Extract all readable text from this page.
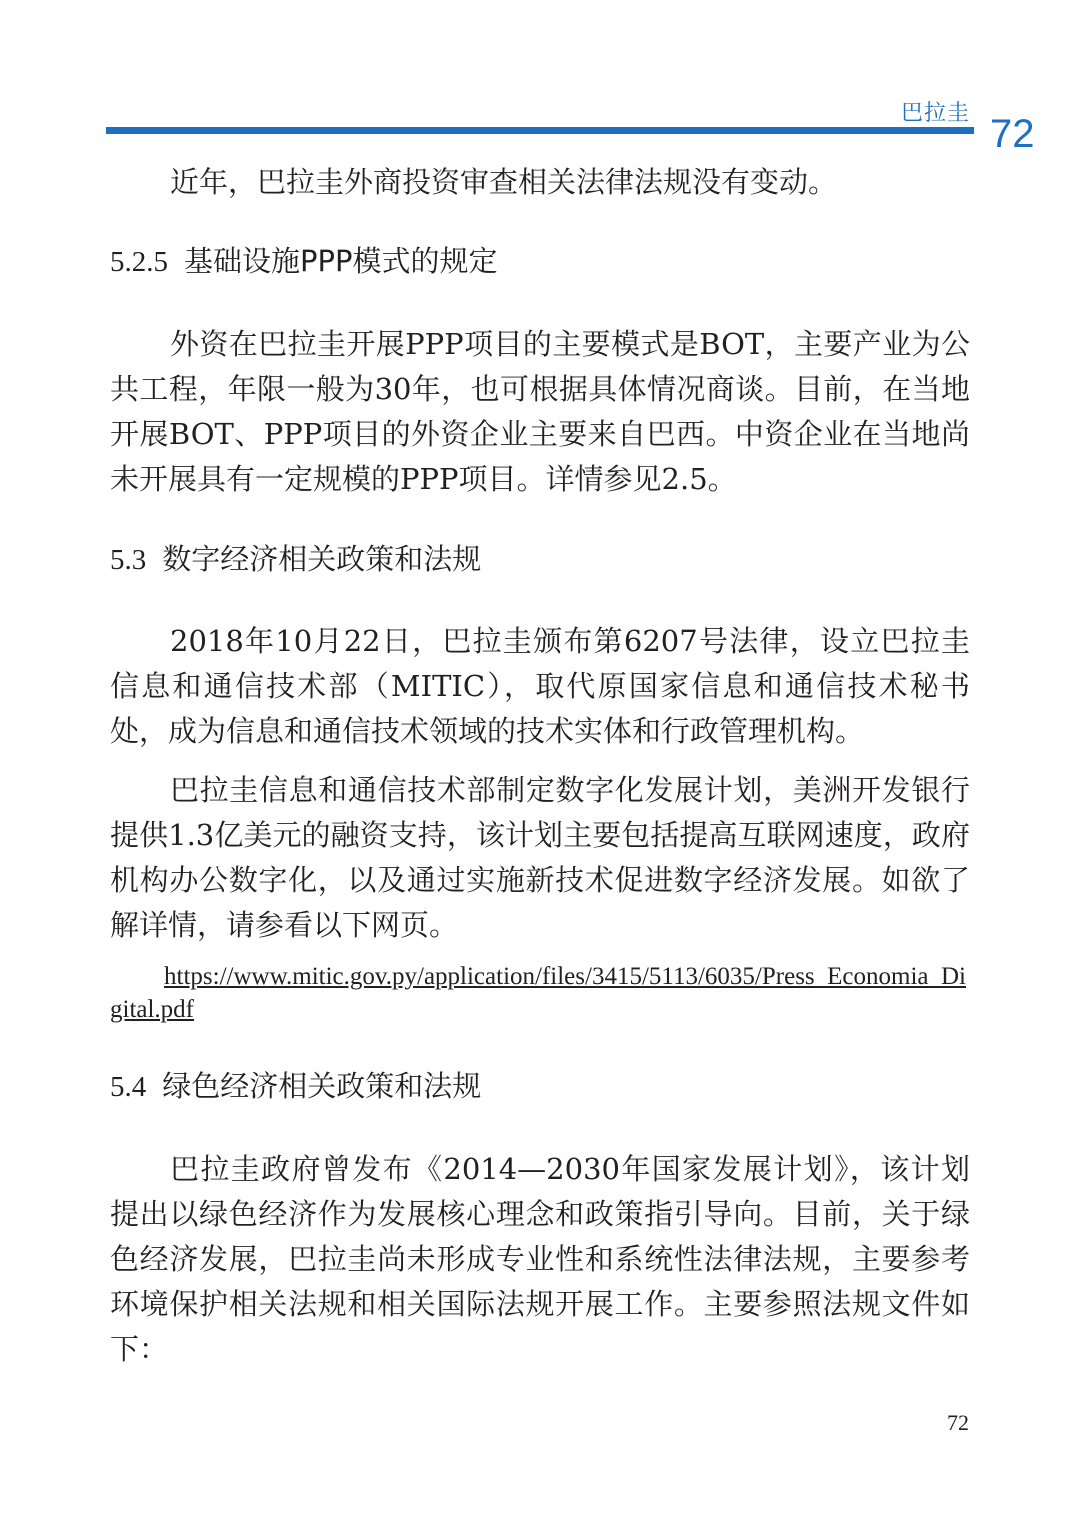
巴拉圭 72

近年，巴拉圭外商投资审查相关法律法规没有变动。

5.2.5 基础设施PPP模式的规定

外资在巴拉圭开展PPP项目的主要模式是BOT，主要产业为公共工程，年限一般为30年，也可根据具体情况商谈。目前，在当地开展BOT、PPP项目的外资企业主要来自巴西。中资企业在当地尚未开展具有一定规模的PPP项目。详情参见2.5。

5.3 数字经济相关政策和法规

2018年10月22日，巴拉圭颁布第6207号法律，设立巴拉圭信息和通信技术部（MITIC），取代原国家信息和通信技术秘书处，成为信息和通信技术领域的技术实体和行政管理机构。

巴拉圭信息和通信技术部制定数字化发展计划，美洲开发银行提供1.3亿美元的融资支持，该计划主要包括提高互联网速度，政府机构办公数字化，以及通过实施新技术促进数字经济发展。如欲了解详情，请参看以下网页。

https://www.mitic.gov.py/application/files/3415/5113/6035/Press_Economia_Digital.pdf
5.4 绿色经济相关政策和法规

巴拉圭政府曾发布《2014—2030年国家发展计划》，该计划提出以绿色经济作为发展核心理念和政策指引导向。目前，关于绿色经济发展，巴拉圭尚未形成专业性和系统性法律法规，主要参考环境保护相关法规和相关国际法规开展工作。主要参照法规文件如下：

72
